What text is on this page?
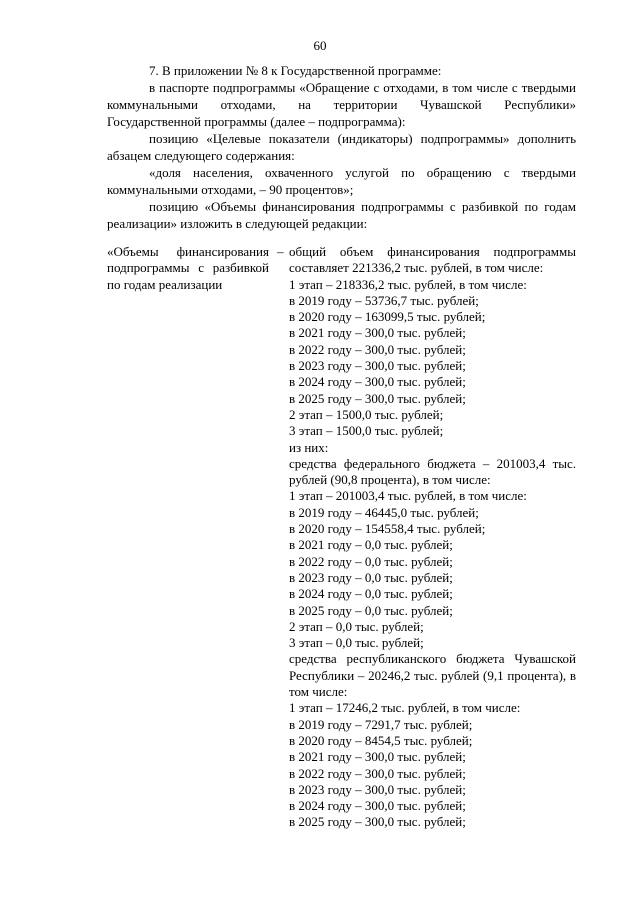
60

7. В приложении № 8 к Государственной программе:

в паспорте подпрограммы «Обращение с отходами, в том числе с твердыми коммунальными отходами, на территории Чувашской Республики» Государственной программы (далее – подпрограмма):

позицию «Целевые показатели (индикаторы) подпрограммы» дополнить абзацем следующего содержания:

«доля населения, охваченного услугой по обращению с твердыми коммунальными отходами, – 90 процентов»;

позицию «Объемы финансирования подпрограммы с разбивкой по годам реализации» изложить в следующей редакции:

«Объемы финансирования подпрограммы с разбивкой по годам реализации
– общий объем финансирования подпрограммы составляет 221336,2 тыс. рублей, в том числе:
1 этап – 218336,2 тыс. рублей, в том числе:
в 2019 году – 53736,7 тыс. рублей;
в 2020 году – 163099,5 тыс. рублей;
в 2021 году – 300,0 тыс. рублей;
в 2022 году – 300,0 тыс. рублей;
в 2023 году – 300,0 тыс. рублей;
в 2024 году – 300,0 тыс. рублей;
в 2025 году – 300,0 тыс. рублей;
2 этап – 1500,0 тыс. рублей;
3 этап – 1500,0 тыс. рублей;
из них:
средства федерального бюджета – 201003,4 тыс. рублей (90,8 процента), в том числе:
1 этап – 201003,4 тыс. рублей, в том числе:
в 2019 году – 46445,0 тыс. рублей;
в 2020 году – 154558,4 тыс. рублей;
в 2021 году – 0,0 тыс. рублей;
в 2022 году – 0,0 тыс. рублей;
в 2023 году – 0,0 тыс. рублей;
в 2024 году – 0,0 тыс. рублей;
в 2025 году – 0,0 тыс. рублей;
2 этап – 0,0 тыс. рублей;
3 этап – 0,0 тыс. рублей;
средства республиканского бюджета Чувашской Республики – 20246,2 тыс. рублей (9,1 процента), в том числе:
1 этап – 17246,2 тыс. рублей, в том числе:
в 2019 году – 7291,7 тыс. рублей;
в 2020 году – 8454,5 тыс. рублей;
в 2021 году – 300,0 тыс. рублей;
в 2022 году – 300,0 тыс. рублей;
в 2023 году – 300,0 тыс. рублей;
в 2024 году – 300,0 тыс. рублей;
в 2025 году – 300,0 тыс. рублей;
